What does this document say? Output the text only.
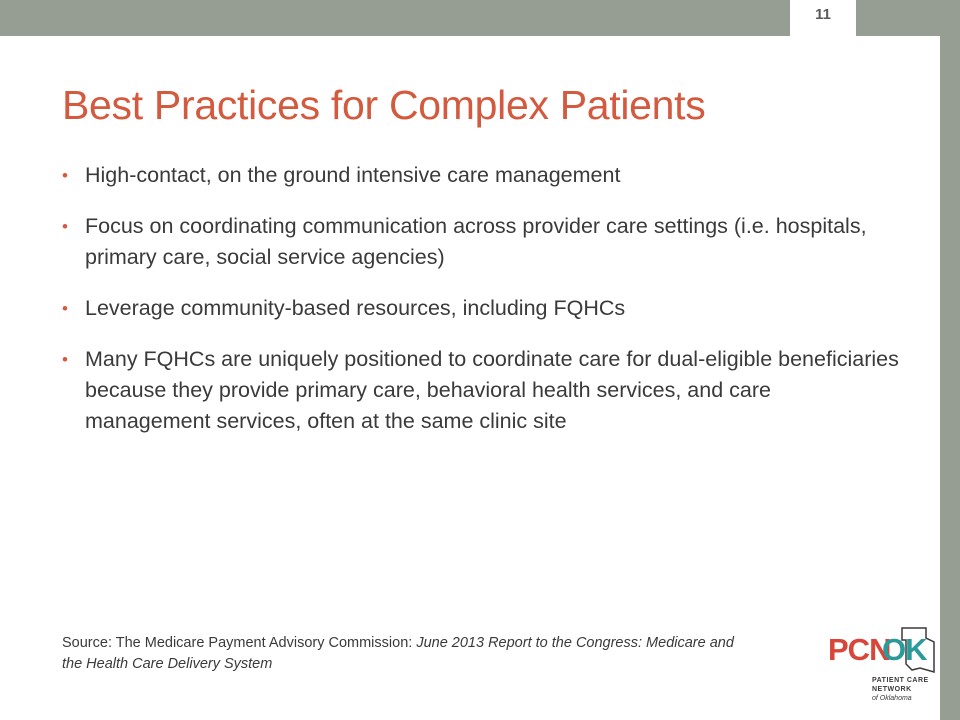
11
Best Practices for Complex Patients
• High-contact, on the ground intensive care management
• Focus on coordinating communication across provider care settings (i.e. hospitals, primary care, social service agencies)
• Leverage community-based resources, including FQHCs
• Many FQHCs are uniquely positioned to coordinate care for dual-eligible beneficiaries because they provide primary care, behavioral health services, and care management services, often at the same clinic site
Source: The Medicare Payment Advisory Commission: June 2013 Report to the Congress: Medicare and the Health Care Delivery System	PCN
OK
PATIENT CARE
NETWORK
of Oklahoma
